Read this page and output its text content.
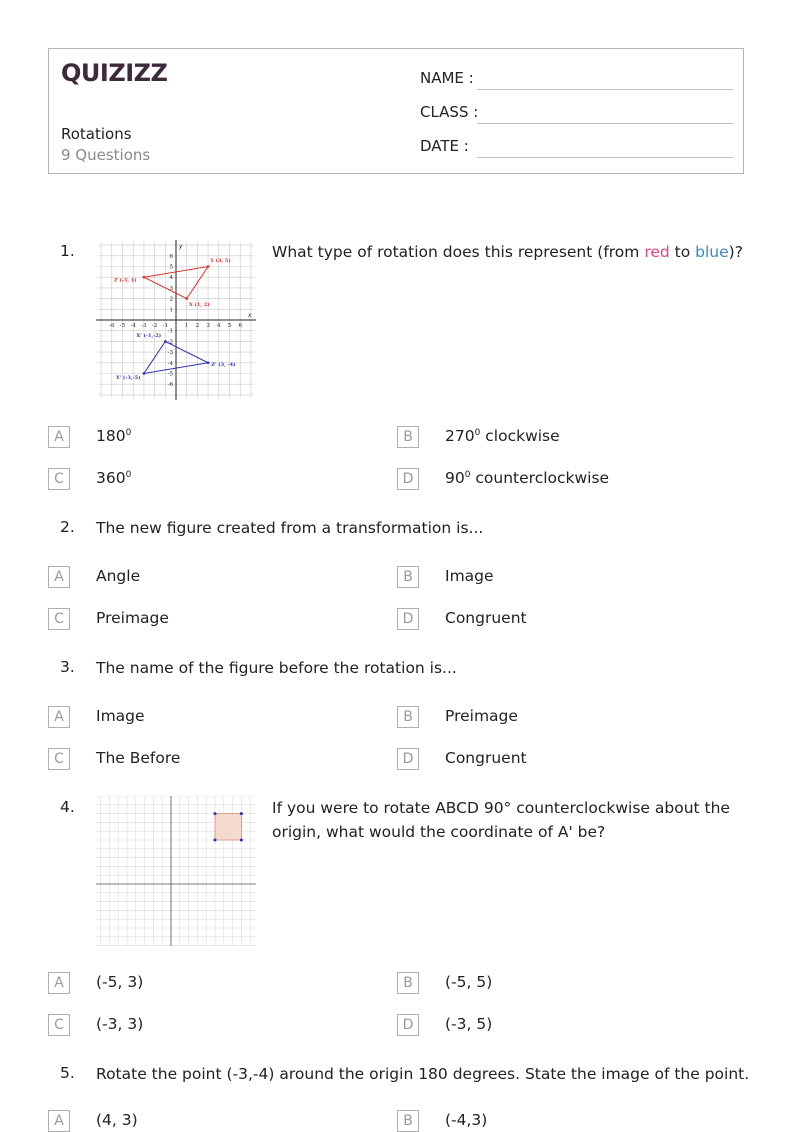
QUIZIZZ
Rotations
9 Questions
NAME :
CLASS :
DATE :
1.
-6
-6
-5
-5
-4
-4
-3
-3
-2
-2
-1
-1
1
1
2
2
3
3
4
4
5
5
6
6
y
x
Z (-3, 4)
Y (3, 5)
X (1, 2)
X' (-1,-2)
Y' (-3,-5)
Z' (3, -4)
What type of rotation does this represent (from red to blue)?
A	$180^0$	B	$270^0$ clockwise
C	$360^0$	D	$90^0$ counterclockwise
2. The new figure created from a transformation is...
A	Angle	B	Image
C	Preimage	D	Congruent
3. The name of the figure before the rotation is...
A	Image	B	Preimage
C	The Before	D	Congruent
4.	If you were to rotate ABCD 90° counterclockwise about the
origin, what would the coordinate of A' be?
A	(-5, 3)	B	(-5, 5)
C	(-3, 3)	D	(-3, 5)
5. Rotate the point (-3,-4) around the origin 180 degrees. State the image of the point.
A	(4, 3)	B	(-4,3)
